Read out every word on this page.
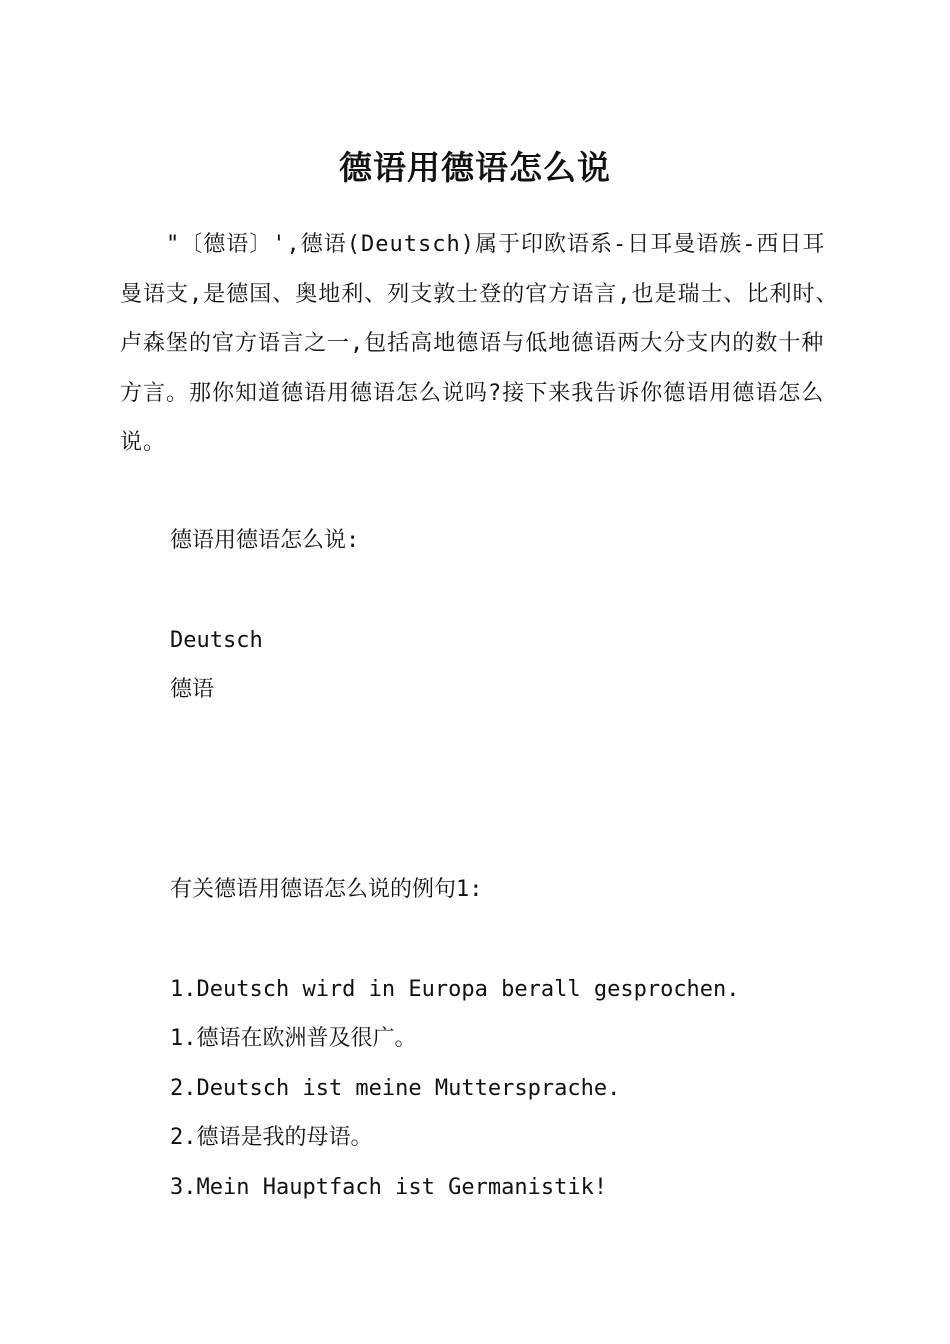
德语用德语怎么说

　　"〔德语〕',德语(Deutsch)属于印欧语系-日耳曼语族-西日耳曼语支,是德国、奥地利、列支敦士登的官方语言,也是瑞士、比利时、卢森堡的官方语言之一,包括高地德语与低地德语两大分支内的数十种方言。那你知道德语用德语怎么说吗?接下来我告诉你德语用德语怎么说。

德语用德语怎么说:

Deutsch

德语

有关德语用德语怎么说的例句1:

1.Deutsch wird in Europa berall gesprochen.

1.德语在欧洲普及很广。

2.Deutsch ist meine Muttersprache.

2.德语是我的母语。

3.Mein Hauptfach ist Germanistik!
